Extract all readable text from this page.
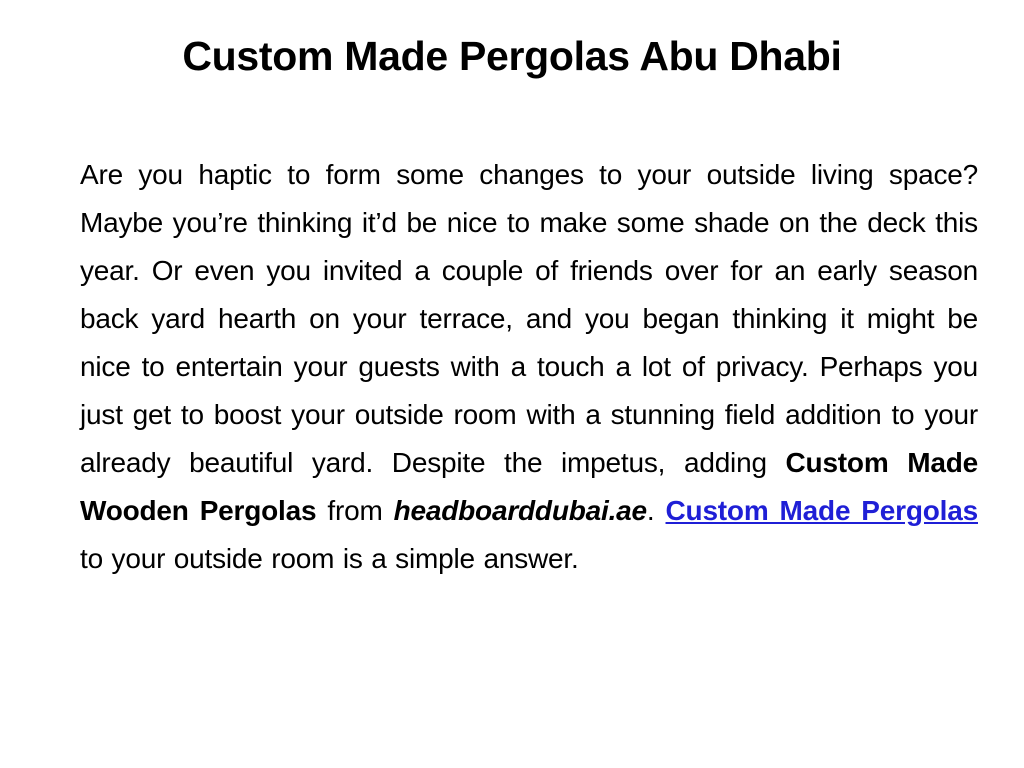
Custom Made Pergolas Abu Dhabi

Are you haptic to form some changes to your outside living space? Maybe you’re thinking it’d be nice to make some shade on the deck this year. Or even you invited a couple of friends over for an early season back yard hearth on your terrace, and you began thinking it might be nice to entertain your guests with a touch a lot of privacy. Perhaps you just get to boost your outside room with a stunning field addition to your already beautiful yard. Despite the impetus, adding Custom Made Wooden Pergolas from headboarddubai.ae. Custom Made Pergolas to your outside room is a simple answer.
